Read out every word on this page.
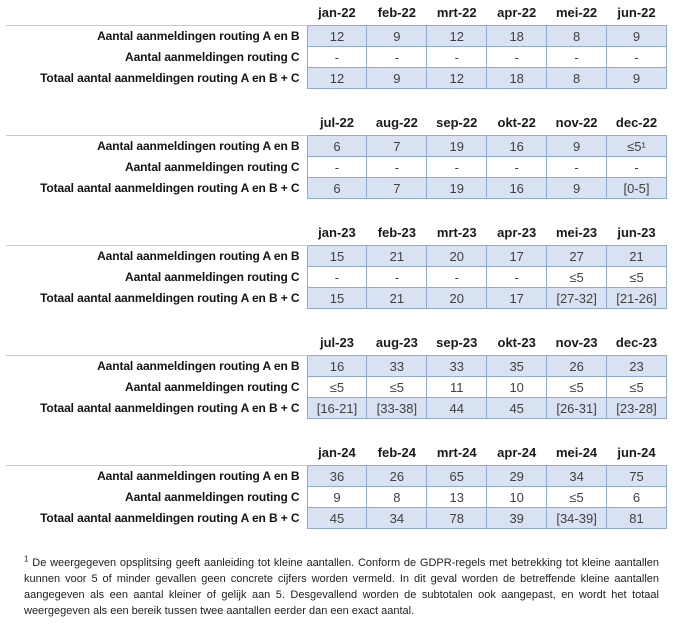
	jan-22	feb-22	mrt-22	apr-22	mei-22	jun-22
Aantal aanmeldingen routing A en B	12	9	12	18	8	9
Aantal aanmeldingen routing C	-	-	-	-	-	-
Totaal aantal aanmeldingen routing A en B + C	12	9	12	18	8	9
	jul-22	aug-22	sep-22	okt-22	nov-22	dec-22
Aantal aanmeldingen routing A en B	6	7	19	16	9	≤5¹
Aantal aanmeldingen routing C	-	-	-	-	-	-
Totaal aantal aanmeldingen routing A en B + C	6	7	19	16	9	[0-5]
	jan-23	feb-23	mrt-23	apr-23	mei-23	jun-23
Aantal aanmeldingen routing A en B	15	21	20	17	27	21
Aantal aanmeldingen routing C	-	-	-	-	≤5	≤5
Totaal aantal aanmeldingen routing A en B + C	15	21	20	17	[27-32]	[21-26]
	jul-23	aug-23	sep-23	okt-23	nov-23	dec-23
Aantal aanmeldingen routing A en B	16	33	33	35	26	23
Aantal aanmeldingen routing C	≤5	≤5	11	10	≤5	≤5
Totaal aantal aanmeldingen routing A en B + C	[16-21]	[33-38]	44	45	[26-31]	[23-28]
	jan-24	feb-24	mrt-24	apr-24	mei-24	jun-24
Aantal aanmeldingen routing A en B	36	26	65	29	34	75
Aantal aanmeldingen routing C	9	8	13	10	≤5	6
Totaal aantal aanmeldingen routing A en B + C	45	34	78	39	[34-39]	81

$^1$ De weergegeven opsplitsing geeft aanleiding tot kleine aantallen. Conform de GDPR-regels met betrekking tot kleine aantallen kunnen voor 5 of minder gevallen geen concrete cijfers worden vermeld. In dit geval worden de betreffende kleine aantallen aangegeven als een aantal kleiner of gelijk aan 5. Desgevallend worden de subtotalen ook aangepast, en wordt het totaal weergegeven als een bereik tussen twee aantallen eerder dan een exact aantal.
